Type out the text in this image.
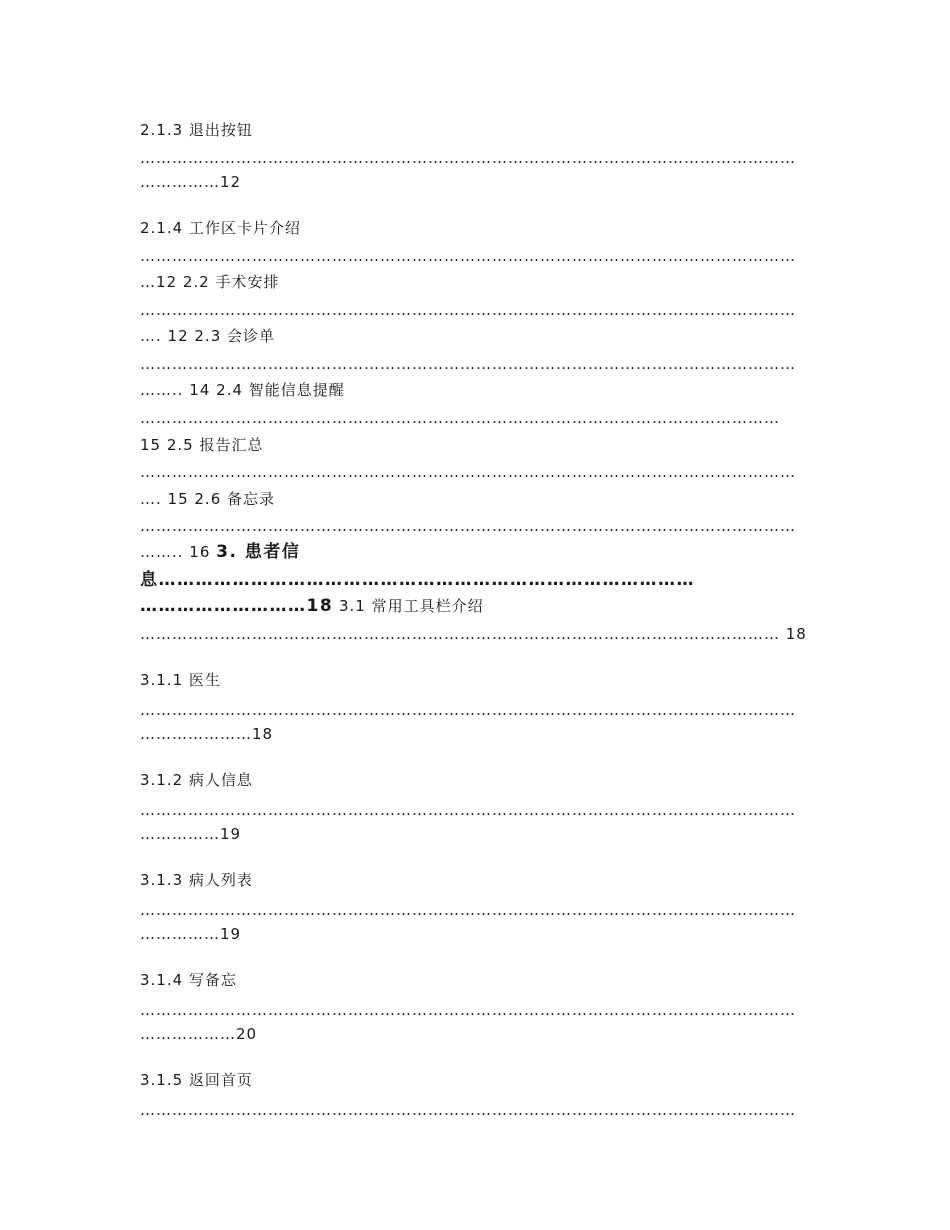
2.1.3 退出按钮

……………………………………………………………………………………………………………

……………12

2.1.4 工作区卡片介绍

……………………………………………………………………………………………………………

…12 2.2 手术安排

……………………………………………………………………………………………………………

…. 12 2.3 会诊单

……………………………………………………………………………………………………………

…….. 14 2.4 智能信息提醒

…………………………………………………………………………………………………………

15 2.5 报告汇总

……………………………………………………………………………………………………………

…. 15 2.6 备忘录

……………………………………………………………………………………………………………

…….. 16 3. 患者信

息……………………………………………………………………………

………………………18 3.1 常用工具栏介绍

………………………………………………………………………………………………………… 18

3.1.1 医生

……………………………………………………………………………………………………………

…………………18

3.1.2 病人信息

……………………………………………………………………………………………………………

……………19

3.1.3 病人列表

……………………………………………………………………………………………………………

……………19

3.1.4 写备忘

……………………………………………………………………………………………………………

………………20

3.1.5 返回首页

……………………………………………………………………………………………………………
